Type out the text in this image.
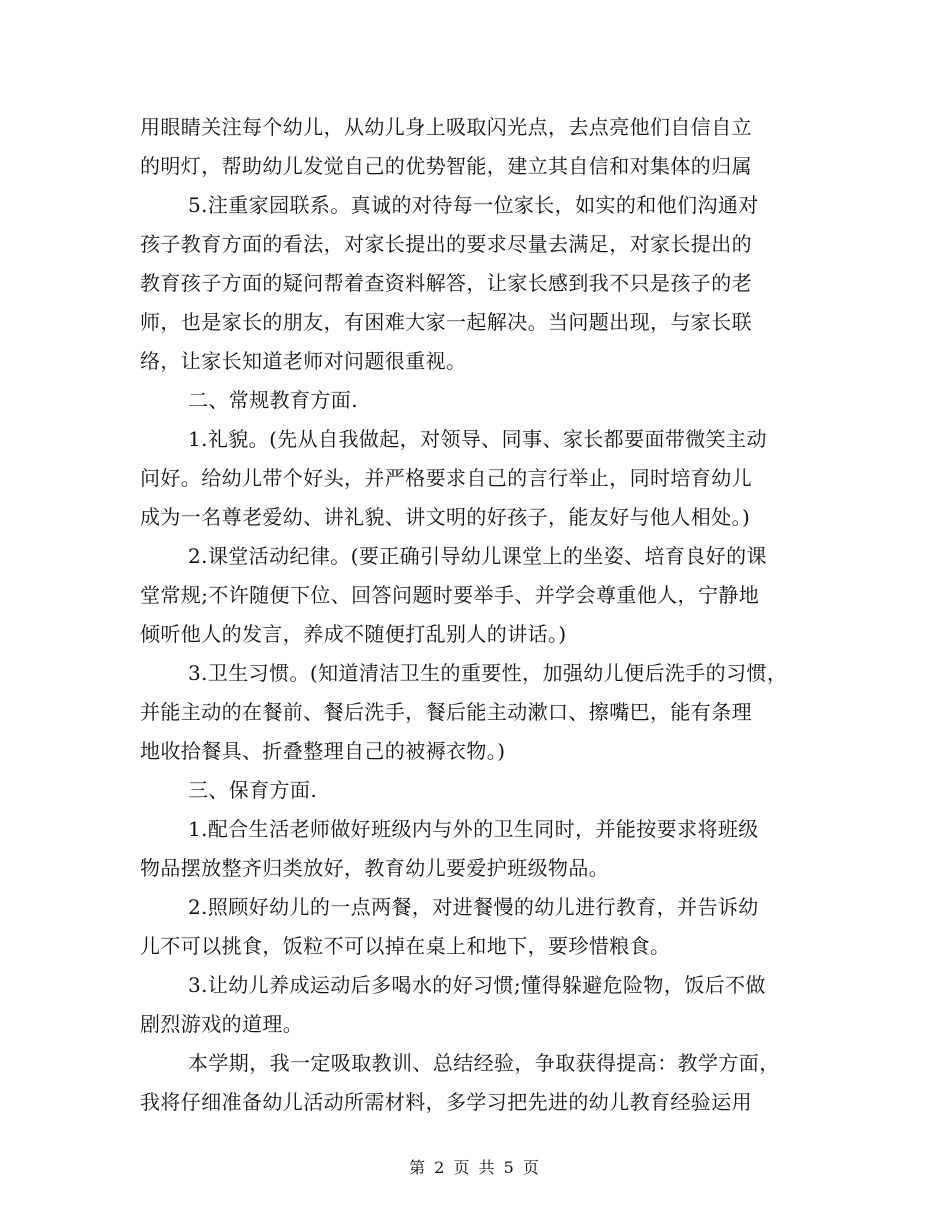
用眼睛关注每个幼儿，从幼儿身上吸取闪光点，去点亮他们自信自立
的明灯，帮助幼儿发觉自己的优势智能，建立其自信和对集体的归属
5.注重家园联系。真诚的对待每一位家长，如实的和他们沟通对
孩子教育方面的看法，对家长提出的要求尽量去满足，对家长提出的
教育孩子方面的疑问帮着查资料解答，让家长感到我不只是孩子的老
师，也是家长的朋友，有困难大家一起解决。当问题出现，与家长联
络，让家长知道老师对问题很重视。
二、常规教育方面.
1.礼貌。(先从自我做起，对领导、同事、家长都要面带微笑主动
问好。给幼儿带个好头，并严格要求自己的言行举止，同时培育幼儿
成为一名尊老爱幼、讲礼貌、讲文明的好孩子，能友好与他人相处。)
2.课堂活动纪律。(要正确引导幼儿课堂上的坐姿、培育良好的课
堂常规;不许随便下位、回答问题时要举手、并学会尊重他人，宁静地
倾听他人的发言，养成不随便打乱别人的讲话。)
3.卫生习惯。(知道清洁卫生的重要性，加强幼儿便后洗手的习惯，
并能主动的在餐前、餐后洗手，餐后能主动漱口、擦嘴巴，能有条理
地收拾餐具、折叠整理自己的被褥衣物。)
三、保育方面.
1.配合生活老师做好班级内与外的卫生同时，并能按要求将班级
物品摆放整齐归类放好，教育幼儿要爱护班级物品。
2.照顾好幼儿的一点两餐，对进餐慢的幼儿进行教育，并告诉幼
儿不可以挑食，饭粒不可以掉在桌上和地下，要珍惜粮食。
3.让幼儿养成运动后多喝水的好习惯;懂得躲避危险物，饭后不做
剧烈游戏的道理。
本学期，我一定吸取教训、总结经验，争取获得提高：教学方面，
我将仔细准备幼儿活动所需材料，多学习把先进的幼儿教育经验运用
第 2 页 共 5 页
